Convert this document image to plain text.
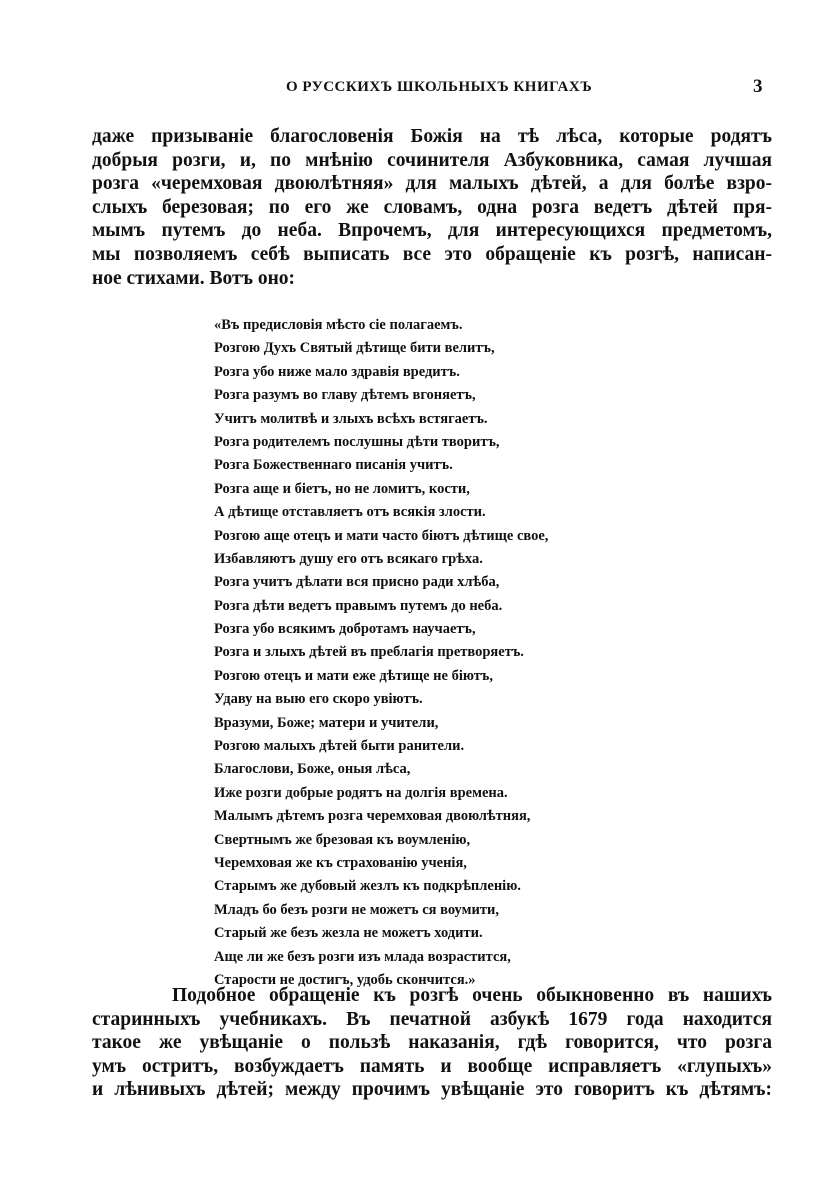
О РУССКИХЪ ШКОЛЬНЫХЪ КНИГАХЪ	3

даже призываніе благословенія Божія на тѣ лѣса, которые родятъ
добрыя розги, и, по мнѣнію сочинителя Азбуковника, самая лучшая
розга «черемховая двоюлѣтняя» для малыхъ дѣтей, а для болѣе взро-
слыхъ березовая; по его же словамъ, одна розга ведетъ дѣтей пря-
мымъ путемъ до неба. Впрочемъ, для интересующихся предметомъ,
мы позволяемъ себѣ выписать все это обращеніе къ розгѣ, написан-
ное стихами. Вотъ оно:

«Въ предисловія мѣсто сіе полагаемъ.
Розгою Духъ Святый дѣтище бити велитъ,
Розга убо ниже мало здравія вредитъ.
Розга разумъ во главу дѣтемъ вгоняетъ,
Учитъ молитвѣ и злыхъ всѣхъ встягаетъ.
Розга родителемъ послушны дѣти творитъ,
Розга Божественнаго писанія учитъ.
Розга аще и біетъ, но не ломитъ, кости,
А дѣтище отставляетъ отъ всякія злости.
Розгою аще отецъ и мати часто біютъ дѣтище свое,
Избавляютъ душу его отъ всякаго грѣха.
Розга учитъ дѣлати вся присно ради хлѣба,
Розга дѣти ведетъ правымъ путемъ до неба.
Розга убо всякимъ добротамъ научаетъ,
Розга и злыхъ дѣтей въ преблагія претворяетъ.
Розгою отецъ и мати еже дѣтище не біютъ,
Удаву на выю его скоро увіютъ.
Вразуми, Боже; матери и учители,
Розгою малыхъ дѣтей быти ранители.
Благослови, Боже, оныя лѣса,
Иже розги добрые родятъ на долгія времена.
Малымъ дѣтемъ розга черемховая двоюлѣтняя,
Свертнымъ же брезовая къ воумленію,
Черемховая же къ страхованію ученія,
Старымъ же дубовый жезлъ къ подкрѣпленію.
Младъ бо безъ розги не можетъ ся воумити,
Старый же безъ жезла не можетъ ходити.
Аще ли же безъ розги изъ млада возрастится,
Старости не достигъ, удобь скончится.»

Подобное обращеніе къ розгѣ очень обыкновенно въ нашихъ
старинныхъ учебникахъ. Въ печатной азбукѣ 1679 года находится
такое же увѣщаніе о пользѣ наказанія, гдѣ говорится, что розга
умъ остритъ, возбуждаетъ память и вообще исправляетъ «глупыхъ»
и лѣнивыхъ дѣтей; между прочимъ увѣщаніе это говоритъ къ дѣтямъ:
